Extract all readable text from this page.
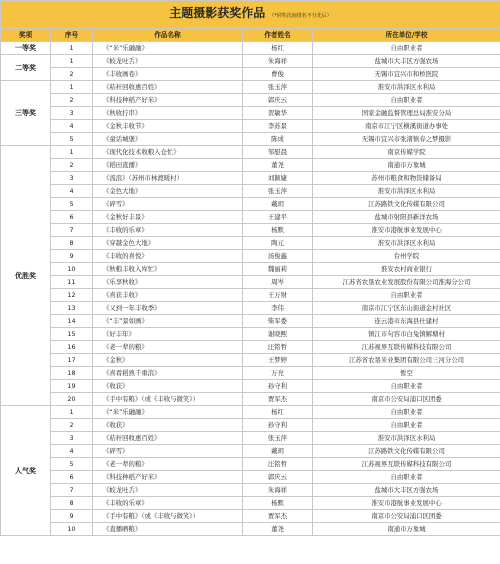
主题摄影获奖作品 （*同奖次间排名不分先后）				
奖项	序号	作品名称	作者姓名	所在单位/学校
一等奖	1	《“米”乐融融》	杨红	自由职业者
二等奖	1	《蛟龙吐舌》	朱海祥	盐城市大丰区方强农场
	2	《丰收画卷》	曹俊	无锡市宜兴市和桥医院
三等奖	1	《秸秆回收惠百姓》	张玉萍	淮安市洪泽区水利局
	2	《科技种稻产好米》	郭庆云	自由职业者
	3	《秋收拧串》	贺敏华	国家金融监督管理总局淮安分局
	4	《金秋丰收节》	李苏景	南京市江宁区横溪街道办事处
	5	《童话城堡》	陈成	无锡市宜兴市张渚镇春之梦摄影
优胜奖	1	《现代化技术收粮入仓忙》	邹慰晨	南京传媒学院
	2	《稻田直播》	董尧	南通市万象城
	3	《流浪》（苏州市林渡暖村）	刘颖婕	苏州市粮食和物资储备局
	4	《金色大地》	张玉萍	淮安市洪泽区水利局
	5	《碎雪》	戴玥	江苏路铁文化传媒有限公司
	6	《金秋好丰景》	王建平	盐城市射阳县新洋农场
	7	《丰收的乐章》	杨默	淮安市港航事业发展中心
	8	《穿越金色大地》	陶元	淮安市洪泽区水利局
	9	《丰收的喜悦》	汤俊鑫	台州学院
	10	《秋粮丰收入库忙》	魏丽莉	淮安农村商业银行
	11	《乐享秋收》	周岑	江苏省农垦农业发展股份有限公司淮海分公司
	12	《喜获丰收》	王万财	自由职业者
	13	《又到一年丰收季》	李伟	南京市江宁区东山街道金村社区
	14	《“丰”景如画》	柴军委	连云港市东海县仕建村
	15	《好丰年》	谢晓熙	镇江市句容市白兔镇解塘村
	16	《老一辈的粮》	汪铭哲	江苏视界互联传媒科技有限公司
	17	《金秋》	王梦婷	江苏省农垦米业集团有限公司三河分公司
	18	《喜看稻熟千重浪》	万亮	暂空
	19	《收获》	孙守利	自由职业者
	20	《手中有粮》（或《丰收与微笑》）	贾军杰	南京市公安局浦口区团委
人气奖	1	《“米”乐融融》	杨红	自由职业者
	2	《收获》	孙守利	自由职业者
	3	《秸秆回收惠百姓》	张玉萍	淮安市洪泽区水利局
	4	《碎雪》	戴玥	江苏路铁文化传媒有限公司
	5	《老一辈的粮》	汪铭哲	江苏视界互联传媒科技有限公司
	6	《科技种稻产好米》	郭庆云	自由职业者
	7	《蛟龙吐舌》	朱海祥	盐城市大丰区方强农场
	8	《丰收的乐章》	杨默	淮安市港航事业发展中心
	9	《手中有粮》（或《丰收与微笑》）	贾军杰	南京市公安局浦口区团委
	10	《直播晒粮》	董尧	南通市万象城
